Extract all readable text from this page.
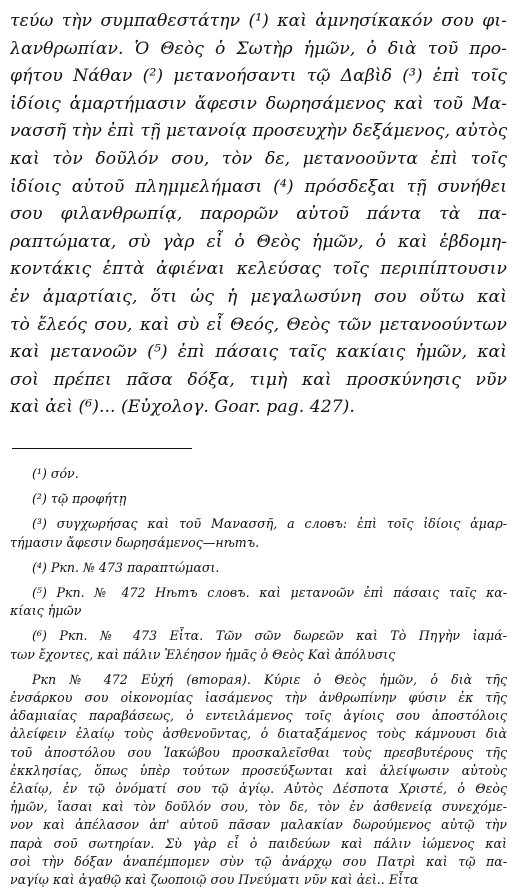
τεύω τὴν συμπαθεστάτην (¹) καὶ ἀμνησίκακόν σου φι-
λανθρωπίαν. Ὁ Θεὸς ὁ Σωτὴρ ἡμῶν, ὁ διὰ τοῦ προ-
φήτου Νάθαν (²) μετανοήσαντι τῷ Δαβὶδ (³) ἐπὶ τοῖς
ἰδίοις ἁμαρτήμασιν ἄφεσιν δωρησάμενος καὶ τοῦ Μα-
νασσῆ τὴν ἐπὶ τῇ μετανοίᾳ προσευχὴν δεξάμενος, αὐτὸς
καὶ τὸν δοῦλόν σου, τὸν δε, μετανοοῦντα ἐπὶ τοῖς
ἰδίοις αὐτοῦ πλημμελήμασι (⁴) πρόσδεξαι τῇ συνήθει
σου φιλανθρωπίᾳ, παρορῶν αὐτοῦ πάντα τὰ πα-
ραπτώματα, σὺ γὰρ εἶ ὁ Θεὸς ἡμῶν, ὁ καὶ ἑβδομη-
κοντάκις ἑπτὰ ἀφιέναι κελεύσας τοῖς περιπίπτουσιν
ἐν ἁμαρτίαις, ὅτι ὡς ἡ μεγαλωσύνη σου οὕτω καὶ
τὸ ἔλεός σου, καὶ σὺ εἶ Θεός, Θεὸς τῶν μετανοούντων
καὶ μετανοῶν (⁵) ἐπὶ πάσαις ταῖς κακίαις ἡμῶν, καὶ
σοὶ πρέπει πᾶσα δόξα, τιμὴ καὶ προσκύνησις νῦν
καὶ ἀεὶ (⁶)... (Εὐχολογ. Goar. pag. 427).
(¹) σόν.
(²) τῷ προφήτῃ
(³) συγχωρήσας καὶ τοῦ Μανασσῆ, а словъ: ἐπὶ τοῖς ἰδίοις ἁμαρ-
τήμασιν ἄφεσιν δωρησάμενος—нѣтъ.
(⁴) Ркп. № 473 παραπτώμασι.
(⁵) Ркп. № 472 Нѣтъ словъ. καὶ μετανοῶν ἐπὶ πάσαις ταῖς κα-
κίαις ἡμῶν
(⁶) Ркп. № 473 Εἶτα. Τῶν σῶν δωρεῶν καὶ Τὸ Πηγὴν ἰαμά-
των ἔχοντες, καὶ πάλιν Ἐλέησον ἡμᾶς ὁ Θεὸς Καὶ ἀπόλυσις
Ркп № 472 Εὐχή (вторая). Κύριε ὁ Θεὸς ἡμῶν, ὁ διὰ τῆς
ἐνσάρκου σου οἰκονομίας ἰασάμενος τὴν ἀνθρωπίνην φύσιν ἐκ τῆς
ἀδαμιαίας παραβάσεως, ὁ εντειλάμενος τοῖς ἁγίοις σου ἀποστόλοις
ἀλείφειν ἐλαίῳ τοὺς ἀσθενοῦντας, ὁ διαταξάμενος τοὺς κάμνουσι διὰ
τοῦ ἀποστόλου σου Ἰακώβου προσκαλεῖσθαι τοὺς πρεσβυτέρους τῆς
ἐκκλησίας, ὅπως ὑπὲρ τούτων προσεύξωνται καὶ ἀλείψωσιν αὐτοὺς
ἐλαίῳ, ἐν τῷ ὀνόματί σου τῷ ἁγίῳ. Αὐτὸς Δέσποτα Χριστέ, ὁ Θεὸς
ἡμῶν, ἴασαι καὶ τὸν δοῦλόν σου, τὸν δε, τὸν ἐν ἀσθενείᾳ συνεχόμε-
νον καὶ ἀπέλασον ἀπ' αὐτοῦ πᾶσαν μαλακίαν δωρούμενος αὐτῷ τὴν
παρὰ σοῦ σωτηρίαν. Σὺ γὰρ εἶ ὁ παιδεύων καὶ πάλιν ἰώμενος καὶ
σοὶ τὴν δόξαν ἀναπέμπομεν σὺν τῷ ἀνάρχῳ σου Πατρὶ καὶ τῷ πα-
ναγίῳ καὶ ἀγαθῷ καὶ ζωοποιῷ σου Πνεύματι νῦν καὶ ἀεὶ.. Εἶτα
